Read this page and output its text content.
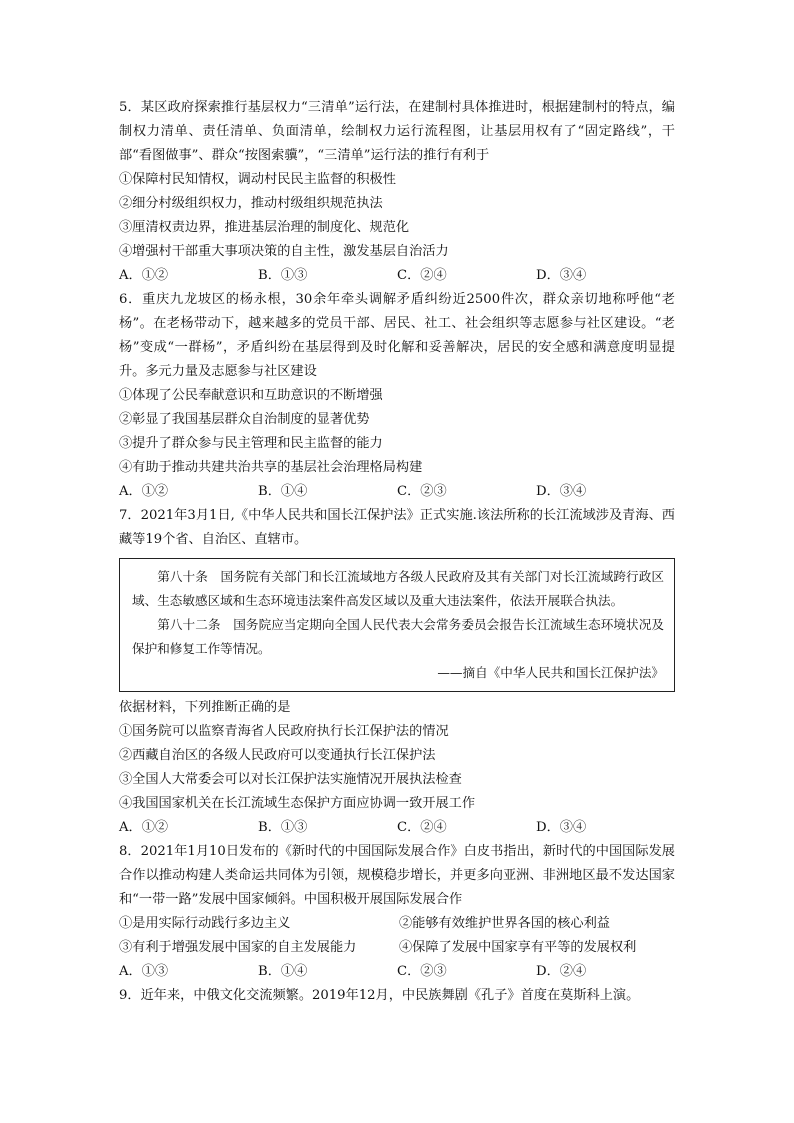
5．某区政府探索推行基层权力“三清单”运行法，在建制村具体推进时，根据建制村的特点，编制权力清单、责任清单、负面清单，绘制权力运行流程图，让基层用权有了“固定路线”，干部“看图做事”、群众“按图索骥”，“三清单”运行法的推行有利于

①保障村民知情权，调动村民民主监督的积极性

②细分村级组织权力，推动村级组织规范执法

③厘清权责边界，推进基层治理的制度化、规范化

④增强村干部重大事项决策的自主性，激发基层自治活力

A．①②	B．①③	C．②④	D．③④

6．重庆九龙坡区的杨永根，30余年牵头调解矛盾纠纷近2500件次，群众亲切地称呼他“老杨”。在老杨带动下，越来越多的党员干部、居民、社工、社会组织等志愿参与社区建设。“老杨”变成“一群杨”，矛盾纠纷在基层得到及时化解和妥善解决，居民的安全感和满意度明显提升。多元力量及志愿参与社区建设

①体现了公民奉献意识和互助意识的不断增强

②彰显了我国基层群众自治制度的显著优势

③提升了群众参与民主管理和民主监督的能力

④有助于推动共建共治共享的基层社会治理格局构建

A．①②	B．①④	C．②③	D．③④

7．2021年3月1日,《中华人民共和国长江保护法》正式实施.该法所称的长江流域涉及青海、西藏等19个省、自治区、直辖市。

第八十条　国务院有关部门和长江流域地方各级人民政府及其有关部门对长江流域跨行政区域、生态敏感区域和生态环境违法案件高发区域以及重大违法案件，依法开展联合执法。

第八十二条　国务院应当定期向全国人民代表大会常务委员会报告长江流域生态环境状况及保护和修复工作等情况。

——摘自《中华人民共和国长江保护法》

依据材料，下列推断正确的是

①国务院可以监察青海省人民政府执行长江保护法的情况

②西藏自治区的各级人民政府可以变通执行长江保护法

③全国人大常委会可以对长江保护法实施情况开展执法检查

④我国国家机关在长江流域生态保护方面应协调一致开展工作

A．①②	B．①③	C．②④	D．③④

8．2021年1月10日发布的《新时代的中国国际发展合作》白皮书指出，新时代的中国国际发展合作以推动构建人类命运共同体为引领，规模稳步增长，并更多向亚洲、非洲地区最不发达国家和“一带一路”发展中国家倾斜。中国积极开展国际发展合作

①是用实际行动践行多边主义	②能够有效维护世界各国的核心利益
③有利于增强发展中国家的自主发展能力	④保障了发展中国家享有平等的发展权利
A．①③	B．①④	C．②③	D．②④

9．近年来，中俄文化交流频繁。2019年12月，中民族舞剧《孔子》首度在莫斯科上演。
